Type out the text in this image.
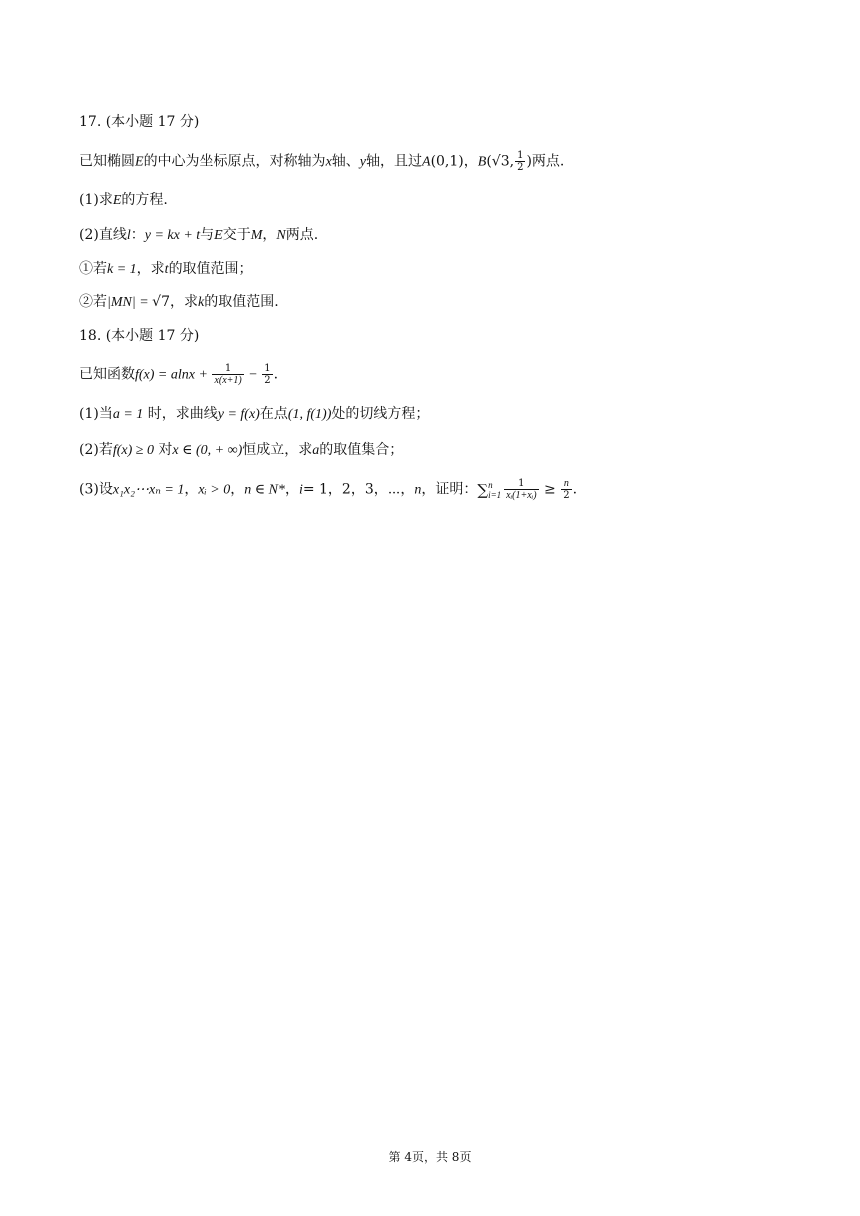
17. (本小题 17 分)
已知椭圆E的中心为坐标原点，对称轴为x轴、y轴，且过A(0,1)，B(√3, $\frac{1}{2}$ )两点.
(1)求E的方程.
(2)直线l：y = kx + t与E交于M，N两点.
①若k = 1，求t的取值范围；
②若|MN| = √7，求k的取值范围.
18. (本小题 17 分)
已知函数$f(x) = alnx + \frac{1}{x(x+1)} - \frac{1}{2}$ .
(1)当a = 1 时，求曲线y = f(x)在点(1, f(1))处的切线方程；
(2)若f(x) ≥ 0 对x ∈ (0, + ∞)恒成立，求a的取值集合；
(3)设x₁x₂⋯xₙ = 1，xᵢ > 0，n ∈ N*，i= 1，2，3，⋯，n，证明：∑ n
$i=1 \frac{1}{\text{xᵢ(1+xᵢ)}} \ge \frac{n}{2}$ .
第 4页，共 8页
